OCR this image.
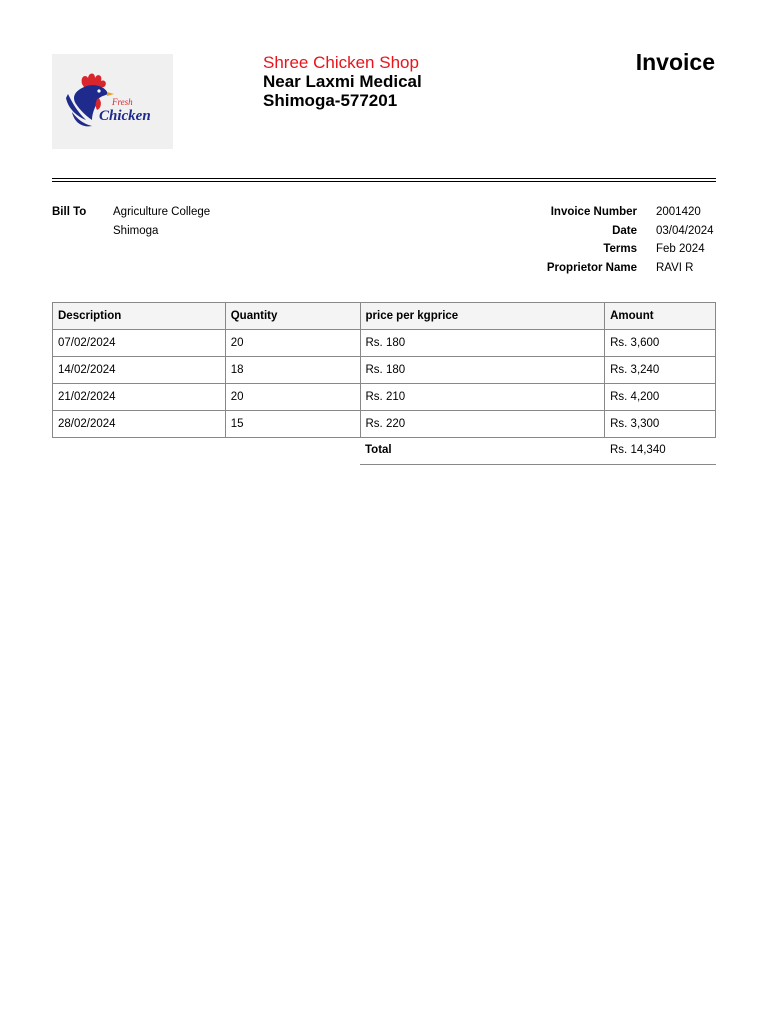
Fresh
Chicken
Shree Chicken Shop
Near Laxmi Medical
Shimoga-577201
Invoice
Bill To Agriculture College
Shimoga
Invoice Number 2001420
Date 03/04/2024
Terms Feb 2024
Proprietor Name RAVI R
Description	Quantity	price per kgprice	Amount
07/02/2024	20	Rs. 180	Rs. 3,600
14/02/2024	18	Rs. 180	Rs. 3,240
21/02/2024	20	Rs. 210	Rs. 4,200
28/02/2024	15	Rs. 220	Rs. 3,300
Total	Rs. 14,340
